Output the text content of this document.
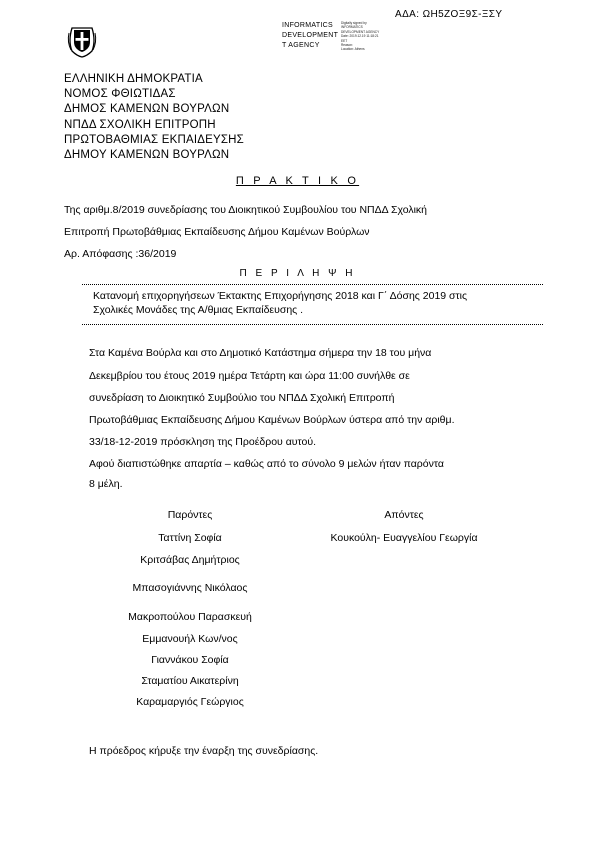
INFORMATICS
DEVELOPMENT
T AGENCY
Digitally signed by
INFORMATICS
DEVELOPMENT AGENCY
Date: 2019.12.19 11:18:21
EET
Reason:
Location: Athens
ΑΔΑ: ΩΗ5ΖΟΞ9Σ-ΞΣΥ
ΕΛΛΗΝΙΚΗ ΔΗΜΟΚΡΑΤΙΑ
ΝΟΜΟΣ ΦΘΙΩΤΙΔΑΣ
ΔΗΜΟΣ ΚΑΜΕΝΩΝ ΒΟΥΡΛΩΝ
ΝΠΔΔ ΣΧΟΛΙΚΗ ΕΠΙΤΡΟΠΗ
ΠΡΩΤΟΒΑΘΜΙΑΣ ΕΚΠΑΙΔΕΥΣΗΣ
ΔΗΜΟΥ ΚΑΜΕΝΩΝ ΒΟΥΡΛΩΝ
Π Ρ Α Κ Τ Ι Κ Ο
Της αριθμ.8/2019 συνεδρίασης του Διοικητικού Συμβουλίου του ΝΠΔΔ Σχολική
Επιτροπή Πρωτοβάθμιας Εκπαίδευσης Δήμου Καμένων Βούρλων
Αρ. Απόφασης :36/2019
Π Ε Ρ Ι Λ Η Ψ Η
Κατανομή επιχορηγήσεων Έκτακτης Επιχορήγησης 2018 και Γ΄ Δόσης 2019 στις
Σχολικές Μονάδες της Α/θμιας Εκπαίδευσης .
Στα Καμένα Βούρλα και στο Δημοτικό Κατάστημα σήμερα την 18 του μήνα
Δεκεμβρίου του έτους 2019 ημέρα Τετάρτη και ώρα 11:00 συνήλθε σε
συνεδρίαση το Διοικητικό Συμβούλιο του ΝΠΔΔ Σχολική Επιτροπή
Πρωτοβάθμιας Εκπαίδευσης Δήμου Καμένων Βούρλων ύστερα από την αριθμ.
33/18-12-2019 πρόσκληση της Προέδρου αυτού.
Αφού διαπιστώθηκε απαρτία – καθώς από το σύνολο 9 μελών ήταν παρόντα
8 μέλη.
Παρόντες	Απόντες
Ταττίνη Σοφία
Κριτσάβας Δημήτριος
Μπασογιάννης Νικόλαος
Μακροπούλου Παρασκευή
Εμμανουήλ Κων/νος
Γιαννάκου Σοφία
Σταματίου Αικατερίνη
Καραμαργιός Γεώργιος
Κουκούλη- Ευαγγελίου Γεωργία
Η πρόεδρος κήρυξε την έναρξη της συνεδρίασης.
